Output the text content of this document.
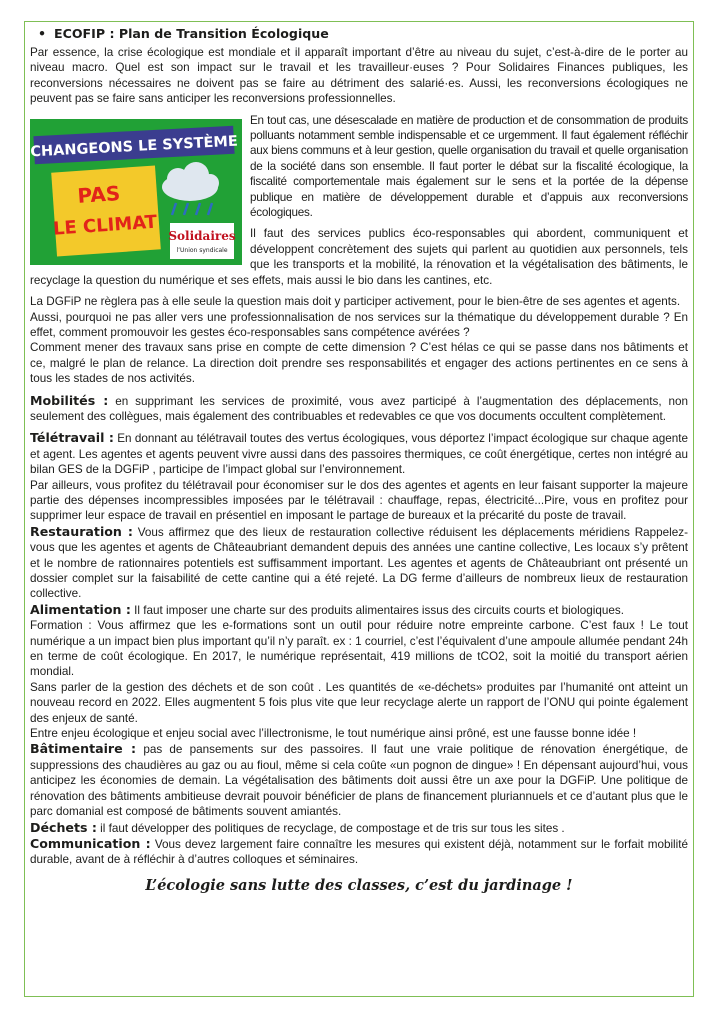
• ECOFIP : Plan de Transition Écologique

Par essence, la crise écologique est mondiale et il apparaît important d’être au niveau du sujet, c’est-à-dire de le porter au niveau macro. Quel est son impact sur le travail et les travailleur·euses ? Pour Solidaires Finances publiques, les reconversions nécessaires ne doivent pas se faire au détriment des salarié·es. Aussi, les reconversions écologiques ne peuvent pas se faire sans anticiper les reconversions professionnelles.

CHANGEONS LE SYSTÈME
PAS
LE CLIMAT Solidaires
l’Union syndicale

En tout cas, une désescalade en matière de production et de consommation de produits polluants notamment semble indispensable et ce urgemment. Il faut également réfléchir aux biens communs et à leur gestion, quelle organisation du travail et quelle organisation de la société dans son ensemble. Il faut porter le débat sur la fiscalité écologique, la fiscalité comportementale mais également sur le sens et la portée de la dépense publique en matière de développement durable et d’appuis aux reconversions écologiques.

Il faut des services publics éco-responsables qui abordent, communiquent et développent concrètement des sujets qui parlent au quotidien aux personnels, tels que les transports et la mobilité, la rénovation et la végétalisation des bâtiments, le recyclage la question du numérique et ses effets, mais aussi le bio dans les cantines, etc.

La DGFiP ne règlera pas à elle seule la question mais doit y participer activement, pour le bien-être de ses agentes et agents.

Aussi, pourquoi ne pas aller vers une professionnalisation de nos services sur la thématique du développement durable ? En effet, comment promouvoir les gestes éco-responsables sans compétence avérées ?

Comment mener des travaux sans prise en compte de cette dimension ? C’est hélas ce qui se passe dans nos bâtiments et ce, malgré le plan de relance. La direction doit prendre ses responsabilités et engager des actions pertinentes en ce sens à tous les stades de nos activités.

Mobilités : en supprimant les services de proximité, vous avez participé à l’augmentation des déplacements, non seulement des collègues, mais également des contribuables et redevables ce que vos documents occultent complètement.

Télétravail : En donnant au télétravail toutes des vertus écologiques, vous déportez l’impact écologique sur chaque agente et agent. Les agentes et agents peuvent vivre aussi dans des passoires thermiques, ce coût énergétique, certes non intégré au bilan GES de la DGFiP , participe de l’impact global sur l’environnement.

Par ailleurs, vous profitez du télétravail pour économiser sur le dos des agentes et agents en leur faisant supporter la majeure partie des dépenses incompressibles imposées par le télétravail : chauffage, repas, électricité...Pire, vous en profitez pour supprimer leur espace de travail en présentiel en imposant le partage de bureaux et la précarité du poste de travail.

Restauration : Vous affirmez que des lieux de restauration collective réduisent les déplacements méridiens Rappelez-vous que les agentes et agents de Châteaubriant demandent depuis des années une cantine collective, Les locaux s’y prêtent et le nombre de rationnaires potentiels est suffisamment important. Les agentes et agents de Châteaubriant ont présenté un dossier complet sur la faisabilité de cette cantine qui a été rejeté. La DG ferme d’ailleurs de nombreux lieux de restauration collective.

Alimentation : Il faut imposer une charte sur des produits alimentaires issus des circuits courts et biologiques.

Formation : Vous affirmez que les e-formations sont un outil pour réduire notre empreinte carbone. C’est faux ! Le tout numérique a un impact bien plus important qu’il n’y paraît. ex : 1 courriel, c’est l’équivalent d’une ampoule allumée pendant 24h en terme de coût écologique. En 2017, le numérique représentait, 419 millions de tCO2, soit la moitié du transport aérien mondial.

Sans parler de la gestion des déchets et de son coût . Les quantités de «e-déchets» produites par l’humanité ont atteint un nouveau record en 2022. Elles augmentent 5 fois plus vite que leur recyclage alerte un rapport de l’ONU qui pointe également des enjeux de santé.

Entre enjeu écologique et enjeu social avec l’illectronisme, le tout numérique ainsi prôné, est une fausse bonne idée !

Bâtimentaire : pas de pansements sur des passoires. Il faut une vraie politique de rénovation énergétique, de suppressions des chaudières au gaz ou au fioul, même si cela coûte «un pognon de dingue» ! En dépensant aujourd’hui, vous anticipez les économies de demain. La végétalisation des bâtiments doit aussi être un axe pour la DGFiP. Une politique de rénovation des bâtiments ambitieuse devrait pouvoir bénéficier de plans de financement pluriannuels et ce d’autant plus que le parc domanial est composé de bâtiments souvent amiantés.

Déchets : il faut développer des politiques de recyclage, de compostage et de tris sur tous les sites .

Communication : Vous devez largement faire connaître les mesures qui existent déjà, notamment sur le forfait mobilité durable, avant de à réfléchir à d’autres colloques et séminaires.

L’écologie sans lutte des classes, c’est du jardinage !
